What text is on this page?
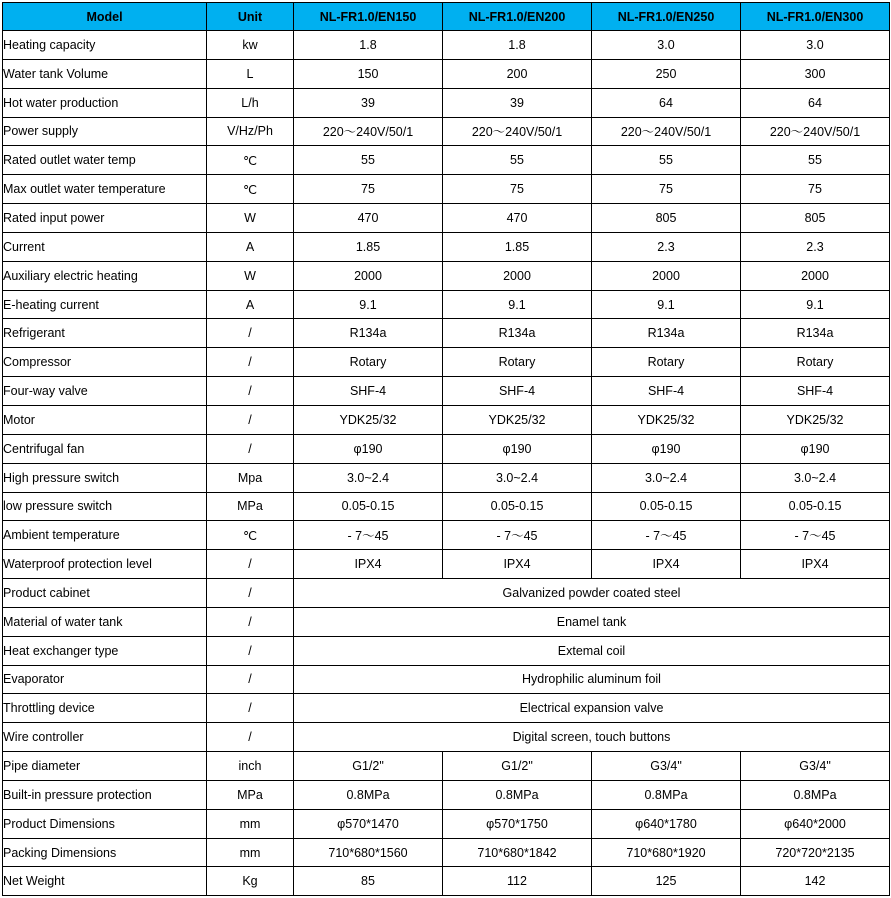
Model	Unit	NL-FR1.0/EN150	NL-FR1.0/EN200	NL-FR1.0/EN250	NL-FR1.0/EN300
Heating capacity	kw	1.8	1.8	3.0	3.0
Water tank Volume	L	150	200	250	300
Hot water production	L/h	39	39	64	64
Power supply	V/Hz/Ph	220～240V/50/1	220～240V/50/1	220～240V/50/1	220～240V/50/1
Rated outlet water temp	℃	55	55	55	55
Max outlet water temperature	℃	75	75	75	75
Rated input power	W	470	470	805	805
Current	A	1.85	1.85	2.3	2.3
Auxiliary electric heating	W	2000	2000	2000	2000
E-heating current	A	9.1	9.1	9.1	9.1
Refrigerant	/	R134a	R134a	R134a	R134a
Compressor	/	Rotary	Rotary	Rotary	Rotary
Four-way valve	/	SHF-4	SHF-4	SHF-4	SHF-4
Motor	/	YDK25/32	YDK25/32	YDK25/32	YDK25/32
Centrifugal fan	/	φ190	φ190	φ190	φ190
High pressure switch	Mpa	3.0~2.4	3.0~2.4	3.0~2.4	3.0~2.4
low pressure switch	MPa	0.05-0.15	0.05-0.15	0.05-0.15	0.05-0.15
Ambient temperature	℃	- 7～45	- 7～45	- 7～45	- 7～45
Waterproof protection level	/	IPX4	IPX4	IPX4	IPX4
Product cabinet	/	Galvanized powder coated steel			
Material of water tank	/	Enamel tank			
Heat exchanger type	/	Extemal coil			
Evaporator	/	Hydrophilic aluminum foil			
Throttling device	/	Electrical expansion valve			
Wire controller	/	Digital screen, touch buttons			
Pipe diameter	inch	G1/2"	G1/2"	G3/4"	G3/4"
Built-in pressure protection	MPa	0.8MPa	0.8MPa	0.8MPa	0.8MPa
Product Dimensions	mm	φ570*1470	φ570*1750	φ640*1780	φ640*2000
Packing Dimensions	mm	710*680*1560	710*680*1842	710*680*1920	720*720*2135
Net Weight	Kg	85	112	125	142
